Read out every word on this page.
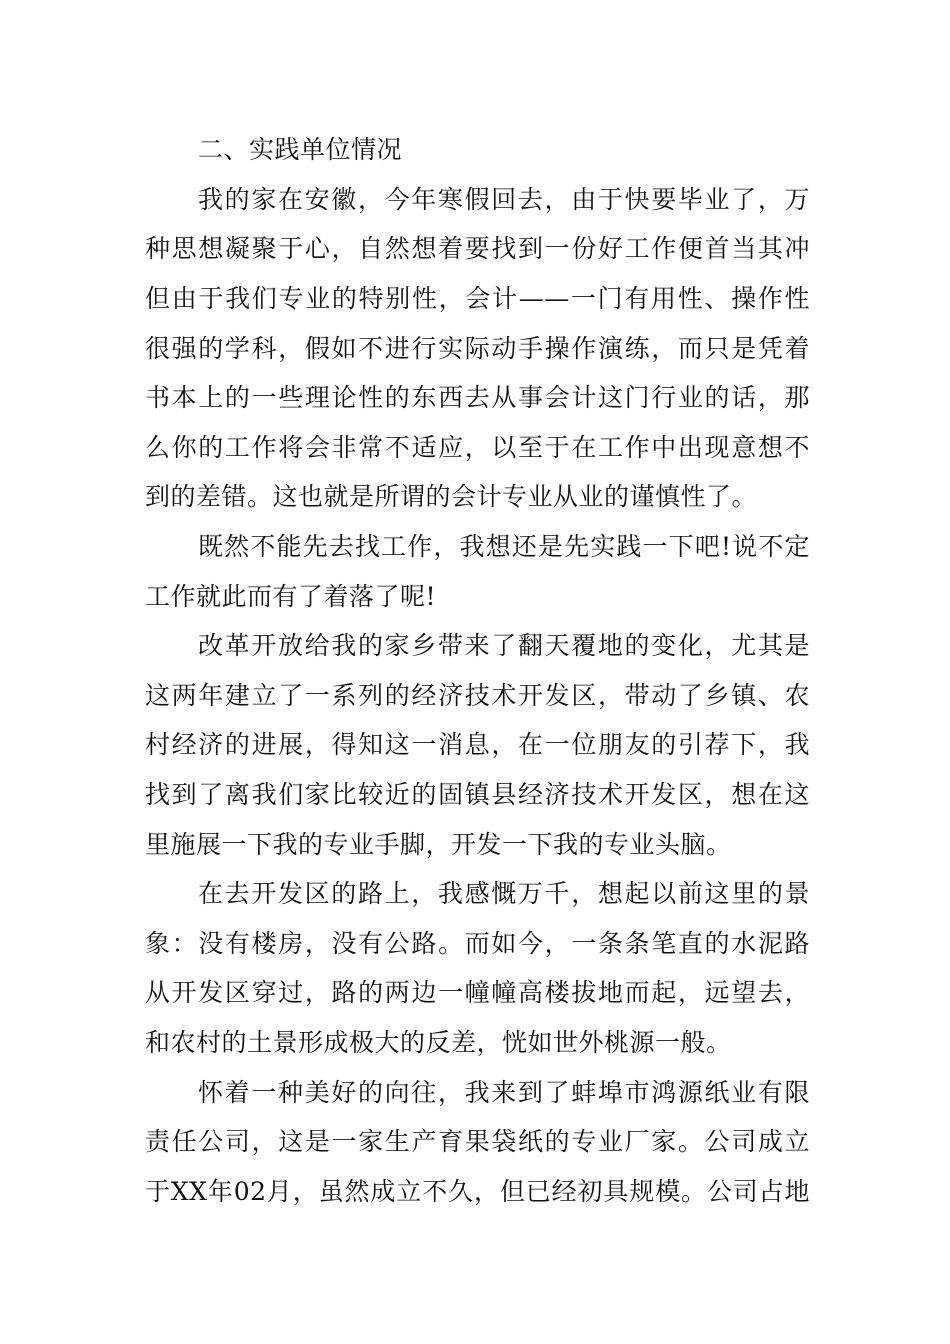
二、实践单位情况
我的家在安徽，今年寒假回去，由于快要毕业了，万
种思想凝聚于心，自然想着要找到一份好工作便首当其冲
但由于我们专业的特别性，会计——一门有用性、操作性
很强的学科，假如不进行实际动手操作演练，而只是凭着
书本上的一些理论性的东西去从事会计这门行业的话，那
么你的工作将会非常不适应，以至于在工作中出现意想不
到的差错。这也就是所谓的会计专业从业的谨慎性了。
既然不能先去找工作，我想还是先实践一下吧!说不定
工作就此而有了着落了呢!
改革开放给我的家乡带来了翻天覆地的变化，尤其是
这两年建立了一系列的经济技术开发区，带动了乡镇、农
村经济的进展，得知这一消息，在一位朋友的引荐下，我
找到了离我们家比较近的固镇县经济技术开发区，想在这
里施展一下我的专业手脚，开发一下我的专业头脑。
在去开发区的路上，我感慨万千，想起以前这里的景
象：没有楼房，没有公路。而如今，一条条笔直的水泥路
从开发区穿过，路的两边一幢幢高楼拔地而起，远望去，
和农村的土景形成极大的反差，恍如世外桃源一般。
怀着一种美好的向往，我来到了蚌埠市鸿源纸业有限
责任公司，这是一家生产育果袋纸的专业厂家。公司成立
于XX年02月，虽然成立不久，但已经初具规模。公司占地
